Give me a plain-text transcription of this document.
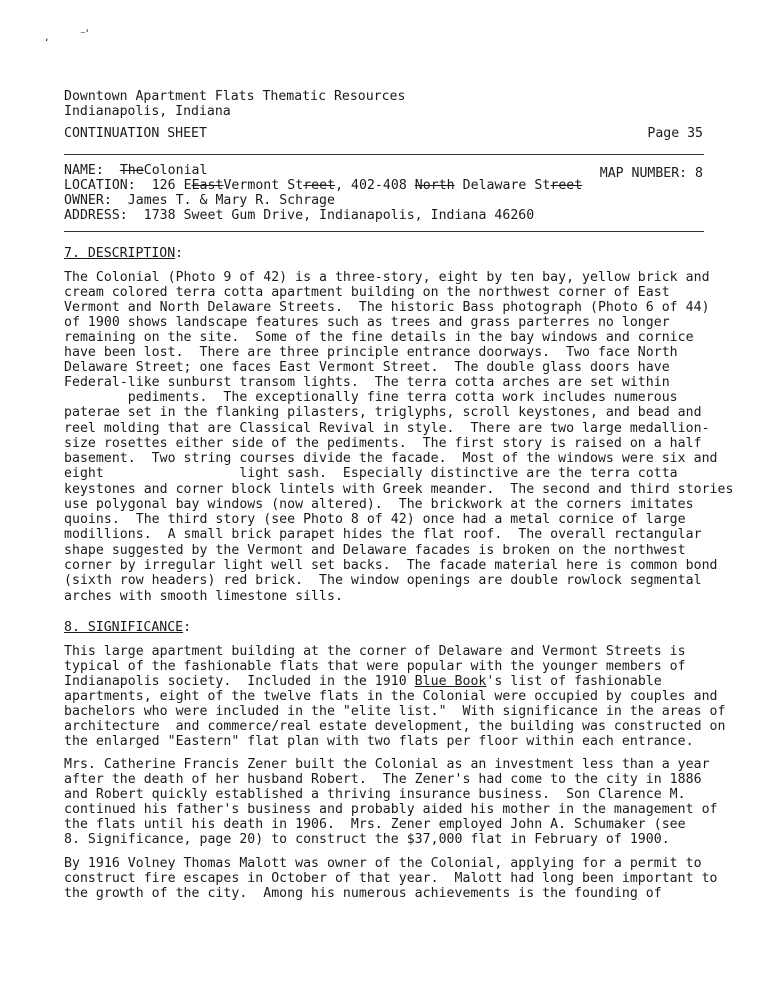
ʻ
⁻ʹ
Downtown Apartment Flats Thematic Resources
Indianapolis, Indiana
CONTINUATION SHEET	Page 35
NAME: TheColonial	MAP NUMBER: 8
LOCATION: 126 EEastVermont Street, 402-408 North Delaware Street
OWNER: James T. & Mary R. Schrage
ADDRESS: 1738 Sweet Gum Drive, Indianapolis, Indiana 46260
7. DESCRIPTION:
The Colonial (Photo 9 of 42) is a three-story, eight by ten bay, yellow brick and
cream colored terra cotta apartment building on the northwest corner of East
Vermont and North Delaware Streets.  The historic Bass photograph (Photo 6 of 44)
of 1900 shows landscape features such as trees and grass parterres no longer
remaining on the site.  Some of the fine details in the bay windows and cornice
have been lost.  There are three principle entrance doorways.  Two face North
Delaware Street; one faces East Vermont Street.  The double glass doors have
Federal-like sunburst transom lights.  The terra cotta arches are set within
pediments.  The exceptionally fine terra cotta work includes numerous
paterae set in the flanking pilasters, triglyphs, scroll keystones, and bead and
reel molding that are Classical Revival in style.  There are two large medallion-
size rosettes either side of the pediments.  The first story is raised on a half
basement.  Two string courses divide the facade.  Most of the windows were six and
eight                 light sash.  Especially distinctive are the terra cotta
keystones and corner block lintels with Greek meander.  The second and third stories
use polygonal bay windows (now altered).  The brickwork at the corners imitates
quoins.  The third story (see Photo 8 of 42) once had a metal cornice of large
modillions.  A small brick parapet hides the flat roof.  The overall rectangular
shape suggested by the Vermont and Delaware facades is broken on the northwest
corner by irregular light well set backs.  The facade material here is common bond
(sixth row headers) red brick.  The window openings are double rowlock segmental
arches with smooth limestone sills.
8. SIGNIFICANCE:
This large apartment building at the corner of Delaware and Vermont Streets is
typical of the fashionable flats that were popular with the younger members of
Indianapolis society.  Included in the 1910 Blue Book's list of fashionable
apartments, eight of the twelve flats in the Colonial were occupied by couples and
bachelors who were included in the "elite list."  With significance in the areas of
architecture  and commerce/real estate development, the building was constructed on
the enlarged "Eastern" flat plan with two flats per floor within each entrance.
Mrs. Catherine Francis Zener built the Colonial as an investment less than a year
after the death of her husband Robert.  The Zener's had come to the city in 1886
and Robert quickly established a thriving insurance business.  Son Clarence M.
continued his father's business and probably aided his mother in the management of
the flats until his death in 1906.  Mrs. Zener employed John A. Schumaker (see
8. Significance, page 20) to construct the $37,000 flat in February of 1900.
By 1916 Volney Thomas Malott was owner of the Colonial, applying for a permit to
construct fire escapes in October of that year.  Malott had long been important to
the growth of the city.  Among his numerous achievements is the founding of
